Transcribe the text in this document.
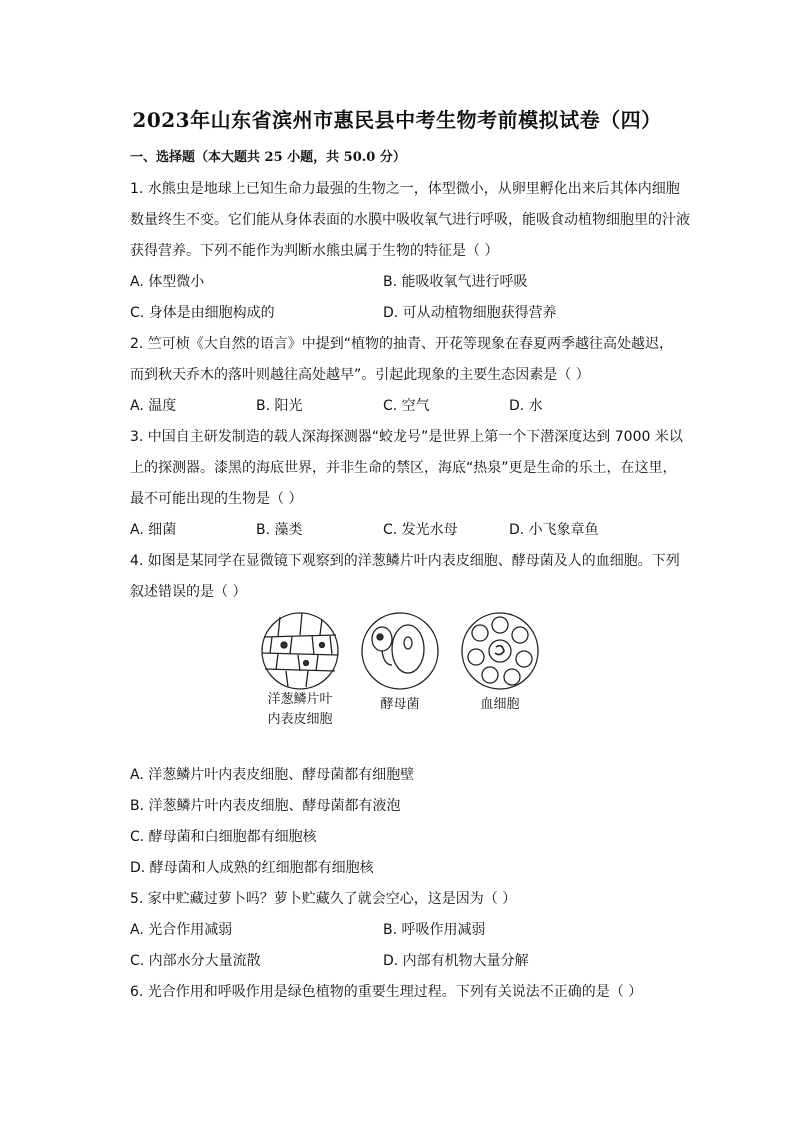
2023年山东省滨州市惠民县中考生物考前模拟试卷（四）
一、选择题（本大题共 25 小题，共 50.0 分）
1. 水熊虫是地球上已知生命力最强的生物之一，体型微小，从卵里孵化出来后其体内细胞
数量终生不变。它们能从身体表面的水膜中吸收氧气进行呼吸，能吸食动植物细胞里的汁液
获得营养。下列不能作为判断水熊虫属于生物的特征是（ ）
A. 体型微小	B. 能吸收氧气进行呼吸
C. 身体是由细胞构成的	D. 可从动植物细胞获得营养
2. 竺可桢《大自然的语言》中提到“植物的抽青、开花等现象在春夏两季越往高处越迟，
而到秋天乔木的落叶则越往高处越早”。引起此现象的主要生态因素是（ ）
A. 温度	B. 阳光	C. 空气	D. 水
3. 中国自主研发制造的载人深海探测器“蛟龙号”是世界上第一个下潜深度达到 7000 米以
上的探测器。漆黑的海底世界，并非生命的禁区，海底“热泉”更是生命的乐土，在这里，
最不可能出现的生物是（ ）
A. 细菌	B. 藻类	C. 发光水母	D. 小飞象章鱼
4. 如图是某同学在显微镜下观察到的洋葱鳞片叶内表皮细胞、酵母菌及人的血细胞。下列
叙述错误的是（ ）
洋葱鳞片叶
内表皮细胞
酵母菌	血细胞
A. 洋葱鳞片叶内表皮细胞、酵母菌都有细胞壁
B. 洋葱鳞片叶内表皮细胞、酵母菌都有液泡
C. 酵母菌和白细胞都有细胞核
D. 酵母菌和人成熟的红细胞都有细胞核
5. 家中贮藏过萝卜吗？萝卜贮藏久了就会空心，这是因为（ ）
A. 光合作用减弱	B. 呼吸作用减弱
C. 内部水分大量流散	D. 内部有机物大量分解
6. 光合作用和呼吸作用是绿色植物的重要生理过程。下列有关说法不正确的是（ ）
